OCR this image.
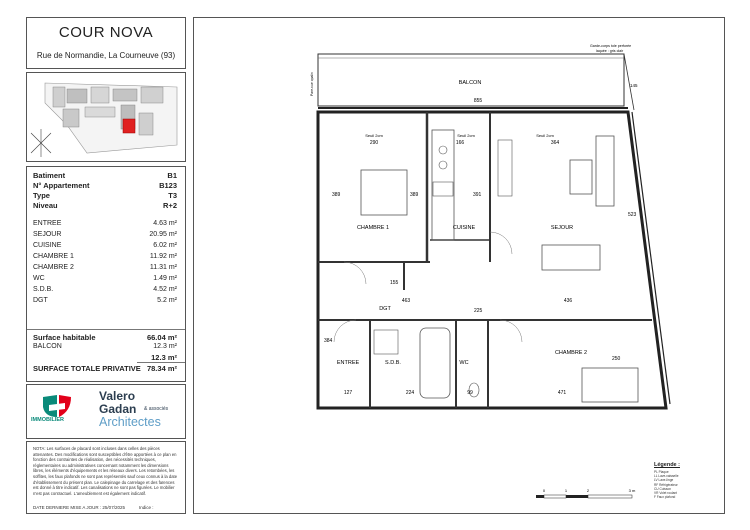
COUR NOVA
Rue de Normandie, La Courneuve (93)
Batiment	B1
N° Appartement	B123
Type	T3
Niveau	R+2
ENTREE	4.63 m²
SEJOUR	20.95 m²
CUISINE	6.02 m²
CHAMBRE 1	11.92 m²
CHAMBRE 2	11.31 m²
WC	1.49 m²
S.D.B.	4.52 m²
DGT	5.2 m²
Surface habitable	66.04 m²
BALCON	12.3 m²
12.3 m²
SURFACE TOTALE PRIVATIVE 78.34 m²
IMMOBILIER
Valero
Gadan & associés
Architectes
NOTA: Les surfaces de placard sont incluses dans celles des pièces attenantes. Des modifications sont susceptibles d'être apportées à ce plan en fonction des contraintes de réalisation, des nécessités techniques, réglementaires ou administratives concernant notamment les dimensions libres, les éléments d'équipements et les réseaux divers. Les retombées, les soffites, les faux plafonds ne sont pas représentés sauf ceux connus à la date d'établissement du présent plan. Le calepinage du carrelage et des faïences est donné à titre indicatif. Les canalisations ne sont pas figurées. Le mobilier n'est pas contractuel. L'ameublement est également indicatif.
DATE DERNIERE MISE A JOUR : 25/07/2025	Indice :
BALCON
CHAMBRE 1	CUISINE	SEJOUR
DGT
ENTREE	S.D.B.	WC
CHAMBRE 2
855
145
Seuil 2cm	Seuil 2cm	Seuil 2cm
290	166	364
389	389	391
523
463	436
155
225
384
250
127	224	99	471
Garde-corps tole perforée
laquée : gris clair
Pare-vue opalin
0	1	2	3 m
Légende :
PL Plaque
LL Lave-vaisselle
LV Lave-linge
RF Réfrigérateur
CU Cuisson
VR Volet roulant
F Faux plafond
